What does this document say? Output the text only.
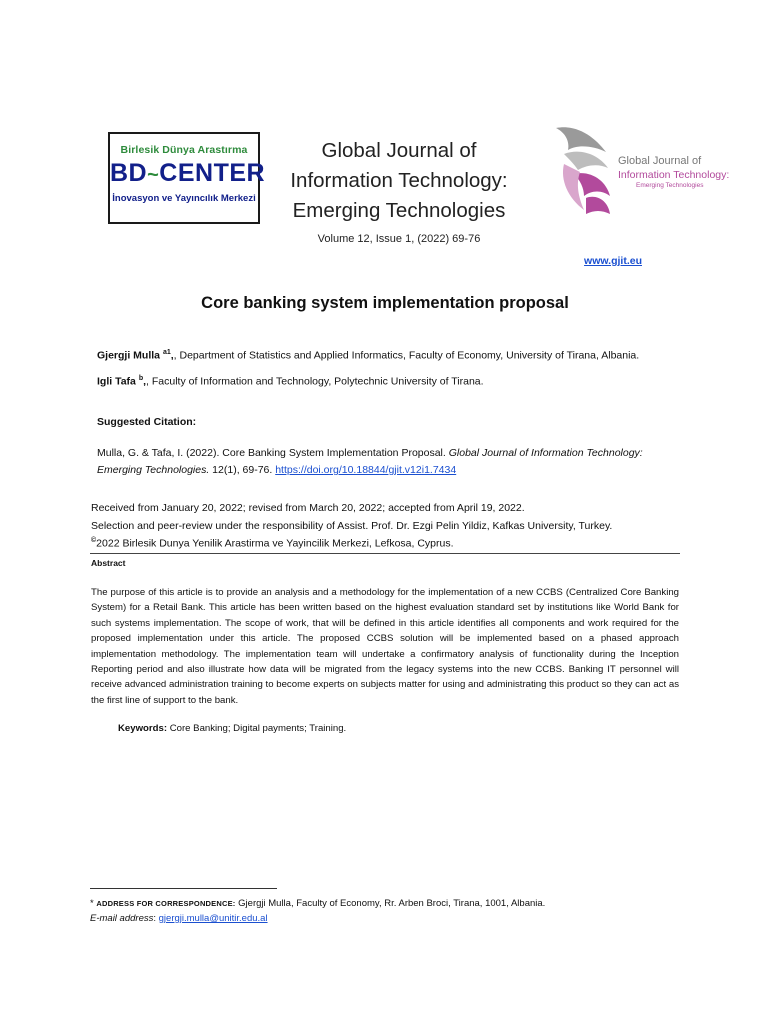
Birlesik Dünya Arastırma
BD~CENTER
İnovasyon ve Yayıncılık Merkezi
Global Journal of
Information Technology:
Emerging Technologies
Volume 12, Issue 1, (2022) 69-76
Global Journal of
Information Technology:
Emerging Technologies
www.gjit.eu
Core banking system implementation proposal
Gjergji Mulla $^{a1}$,, Department of Statistics and Applied Informatics, Faculty of Economy, University of Tirana, Albania.
Igli Tafa $^b$,, Faculty of Information and Technology, Polytechnic University of Tirana.
Suggested Citation:
Mulla, G. & Tafa, I. (2022). Core Banking System Implementation Proposal. Global Journal of Information Technology: Emerging Technologies. 12(1), 69-76. https://doi.org/10.18844/gjit.v12i1.7434
Received from January 20, 2022; revised from March 20, 2022; accepted from April 19, 2022.
Selection and peer-review under the responsibility of Assist. Prof. Dr. Ezgi Pelin Yildiz, Kafkas University, Turkey.
©2022 Birlesik Dunya Yenilik Arastirma ve Yayincilik Merkezi, Lefkosa, Cyprus.
Abstract
The purpose of this article is to provide an analysis and a methodology for the implementation of a new CCBS (Centralized Core Banking System) for a Retail Bank. This article has been written based on the highest evaluation standard set by institutions like World Bank for such systems implementation. The scope of work, that will be defined in this article identifies all components and work required for the proposed implementation under this article. The proposed CCBS solution will be implemented based on a phased approach implementation methodology. The implementation team will undertake a confirmatory analysis of functionality during the Inception Reporting period and also illustrate how data will be migrated from the legacy systems into the new CCBS. Banking IT personnel will receive advanced administration training to become experts on subjects matter for using and administrating this product so they can act as the first line of support to the bank.
Keywords: Core Banking; Digital payments; Training.
* ADDRESS FOR CORRESPONDENCE: Gjergji Mulla, Faculty of Economy, Rr. Arben Broci, Tirana, 1001, Albania.
E-mail address: gjergji.mulla@unitir.edu.al
